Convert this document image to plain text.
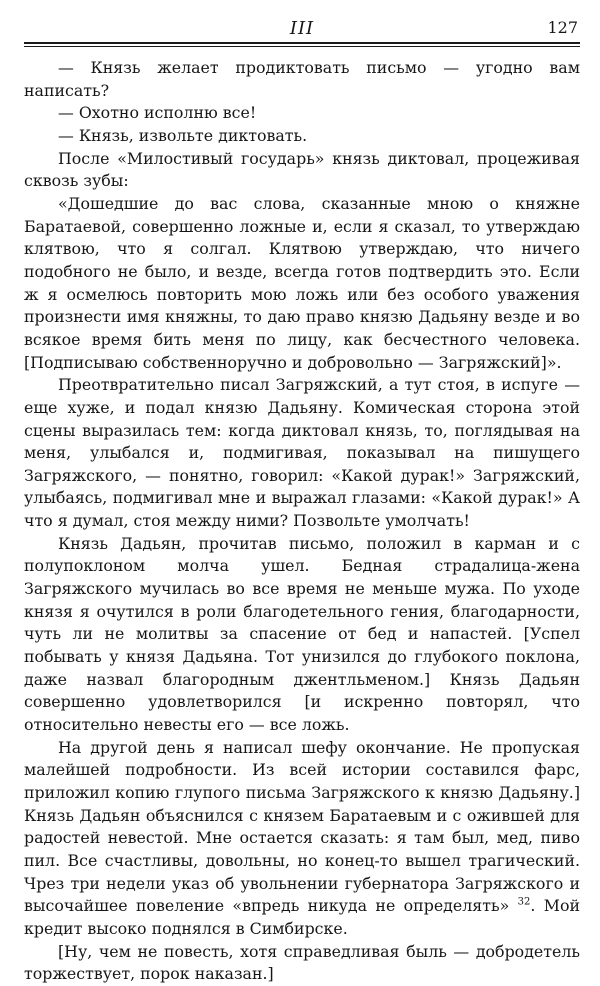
III	127

— Князь желает продиктовать письмо — угодно вам написать?

— Охотно исполню все!

— Князь, извольте диктовать.

После «Милостивый государь» князь диктовал, процеживая сквозь зубы:

«Дошедшие до вас слова, сказанные мною о княжне Баратаевой, совершенно ложные и, если я сказал, то утверждаю клятвою, что я солгал. Клятвою утверждаю, что ничего подобного не было, и везде, всегда готов подтвердить это. Если ж я осмелюсь повторить мою ложь или без особого уважения произнести имя княжны, то даю право князю Дадьяну везде и во всякое время бить меня по лицу, как бесчестного человека. [Подписываю собственноручно и добровольно — Загряжский]».

Преотвратительно писал Загряжский, а тут стоя, в испуге — еще хуже, и подал князю Дадьяну. Комическая сторона этой сцены выразилась тем: когда диктовал князь, то, поглядывая на меня, улыбался и, подмигивая, показывал на пишущего Загряжского, — понятно, говорил: «Какой дурак!» Загряжский, улыбаясь, подмигивал мне и выражал глазами: «Какой дурак!» А что я думал, стоя между ними? Позвольте умолчать!

Князь Дадьян, прочитав письмо, положил в карман и с полупоклоном молча ушел. Бедная страдалица-жена Загряжского мучилась во все время не меньше мужа. По уходе князя я очутился в роли благодетельного гения, благодарности, чуть ли не молитвы за спасение от бед и напастей. [Успел побывать у князя Дадьяна. Тот унизился до глубокого поклона, даже назвал благородным джентльменом.] Князь Дадьян совершенно удовлетворился [и искренно повторял, что относительно невесты его — все ложь.

На другой день я написал шефу окончание. Не пропуская малейшей подробности. Из всей истории составился фарс, приложил копию глупого письма Загряжского к князю Дадьяну.] Князь Дадьян объяснился с князем Баратаевым и с ожившей для радостей невестой. Мне остается сказать: я там был, мед, пиво пил. Все счастливы, довольны, но конец-то вышел трагический. Чрез три недели указ об увольнении губернатора Загряжского и высочайшее повеление «впредь никуда не определять» $^{32}$. Мой кредит высоко поднялся в Симбирске.

[Ну, чем не повесть, хотя справедливая быль — добродетель торжествует, порок наказан.]
